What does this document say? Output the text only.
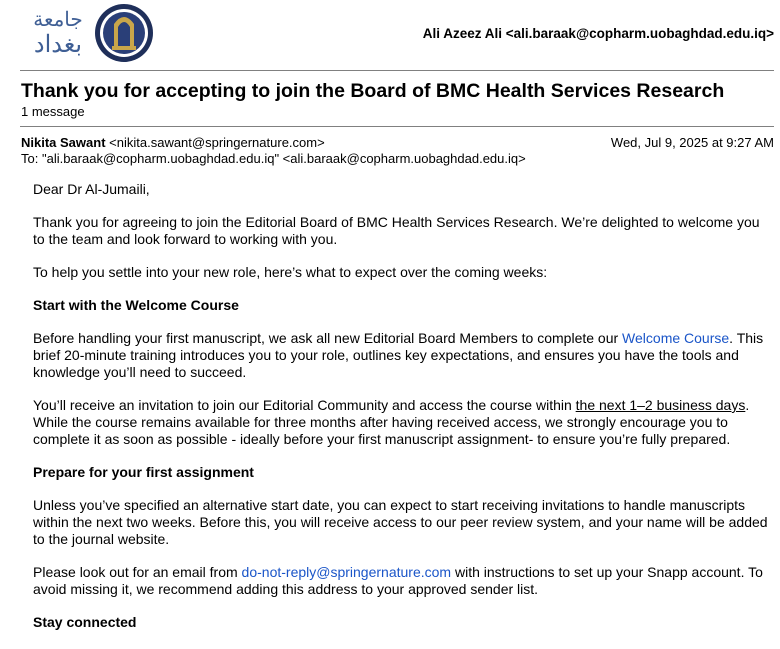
جامعة
بغداد	Ali Azeez Ali <ali.baraak@copharm.uobaghdad.edu.iq>
Thank you for accepting to join the Board of BMC Health Services Research
1 message
Nikita Sawant <nikita.sawant@springernature.com>	Wed, Jul 9, 2025 at 9:27 AM
To: "ali.baraak@copharm.uobaghdad.edu.iq" <ali.baraak@copharm.uobaghdad.edu.iq>

Dear Dr Al-Jumaili,

Thank you for agreeing to join the Editorial Board of BMC Health Services Research. We’re delighted to welcome you to the team and look forward to working with you.

To help you settle into your new role, here’s what to expect over the coming weeks:

Start with the Welcome Course

Before handling your first manuscript, we ask all new Editorial Board Members to complete our Welcome Course. This brief 20-minute training introduces you to your role, outlines key expectations, and ensures you have the tools and knowledge you’ll need to succeed.

You’ll receive an invitation to join our Editorial Community and access the course within the next 1–2 business days. While the course remains available for three months after having received access, we strongly encourage you to complete it as soon as possible - ideally before your first manuscript assignment- to ensure you’re fully prepared.

Prepare for your first assignment

Unless you’ve specified an alternative start date, you can expect to start receiving invitations to handle manuscripts within the next two weeks. Before this, you will receive access to our peer review system, and your name will be added to the journal website.

Please look out for an email from do-not-reply@springernature.com with instructions to set up your Snapp account. To avoid missing it, we recommend adding this address to your approved sender list.

Stay connected
